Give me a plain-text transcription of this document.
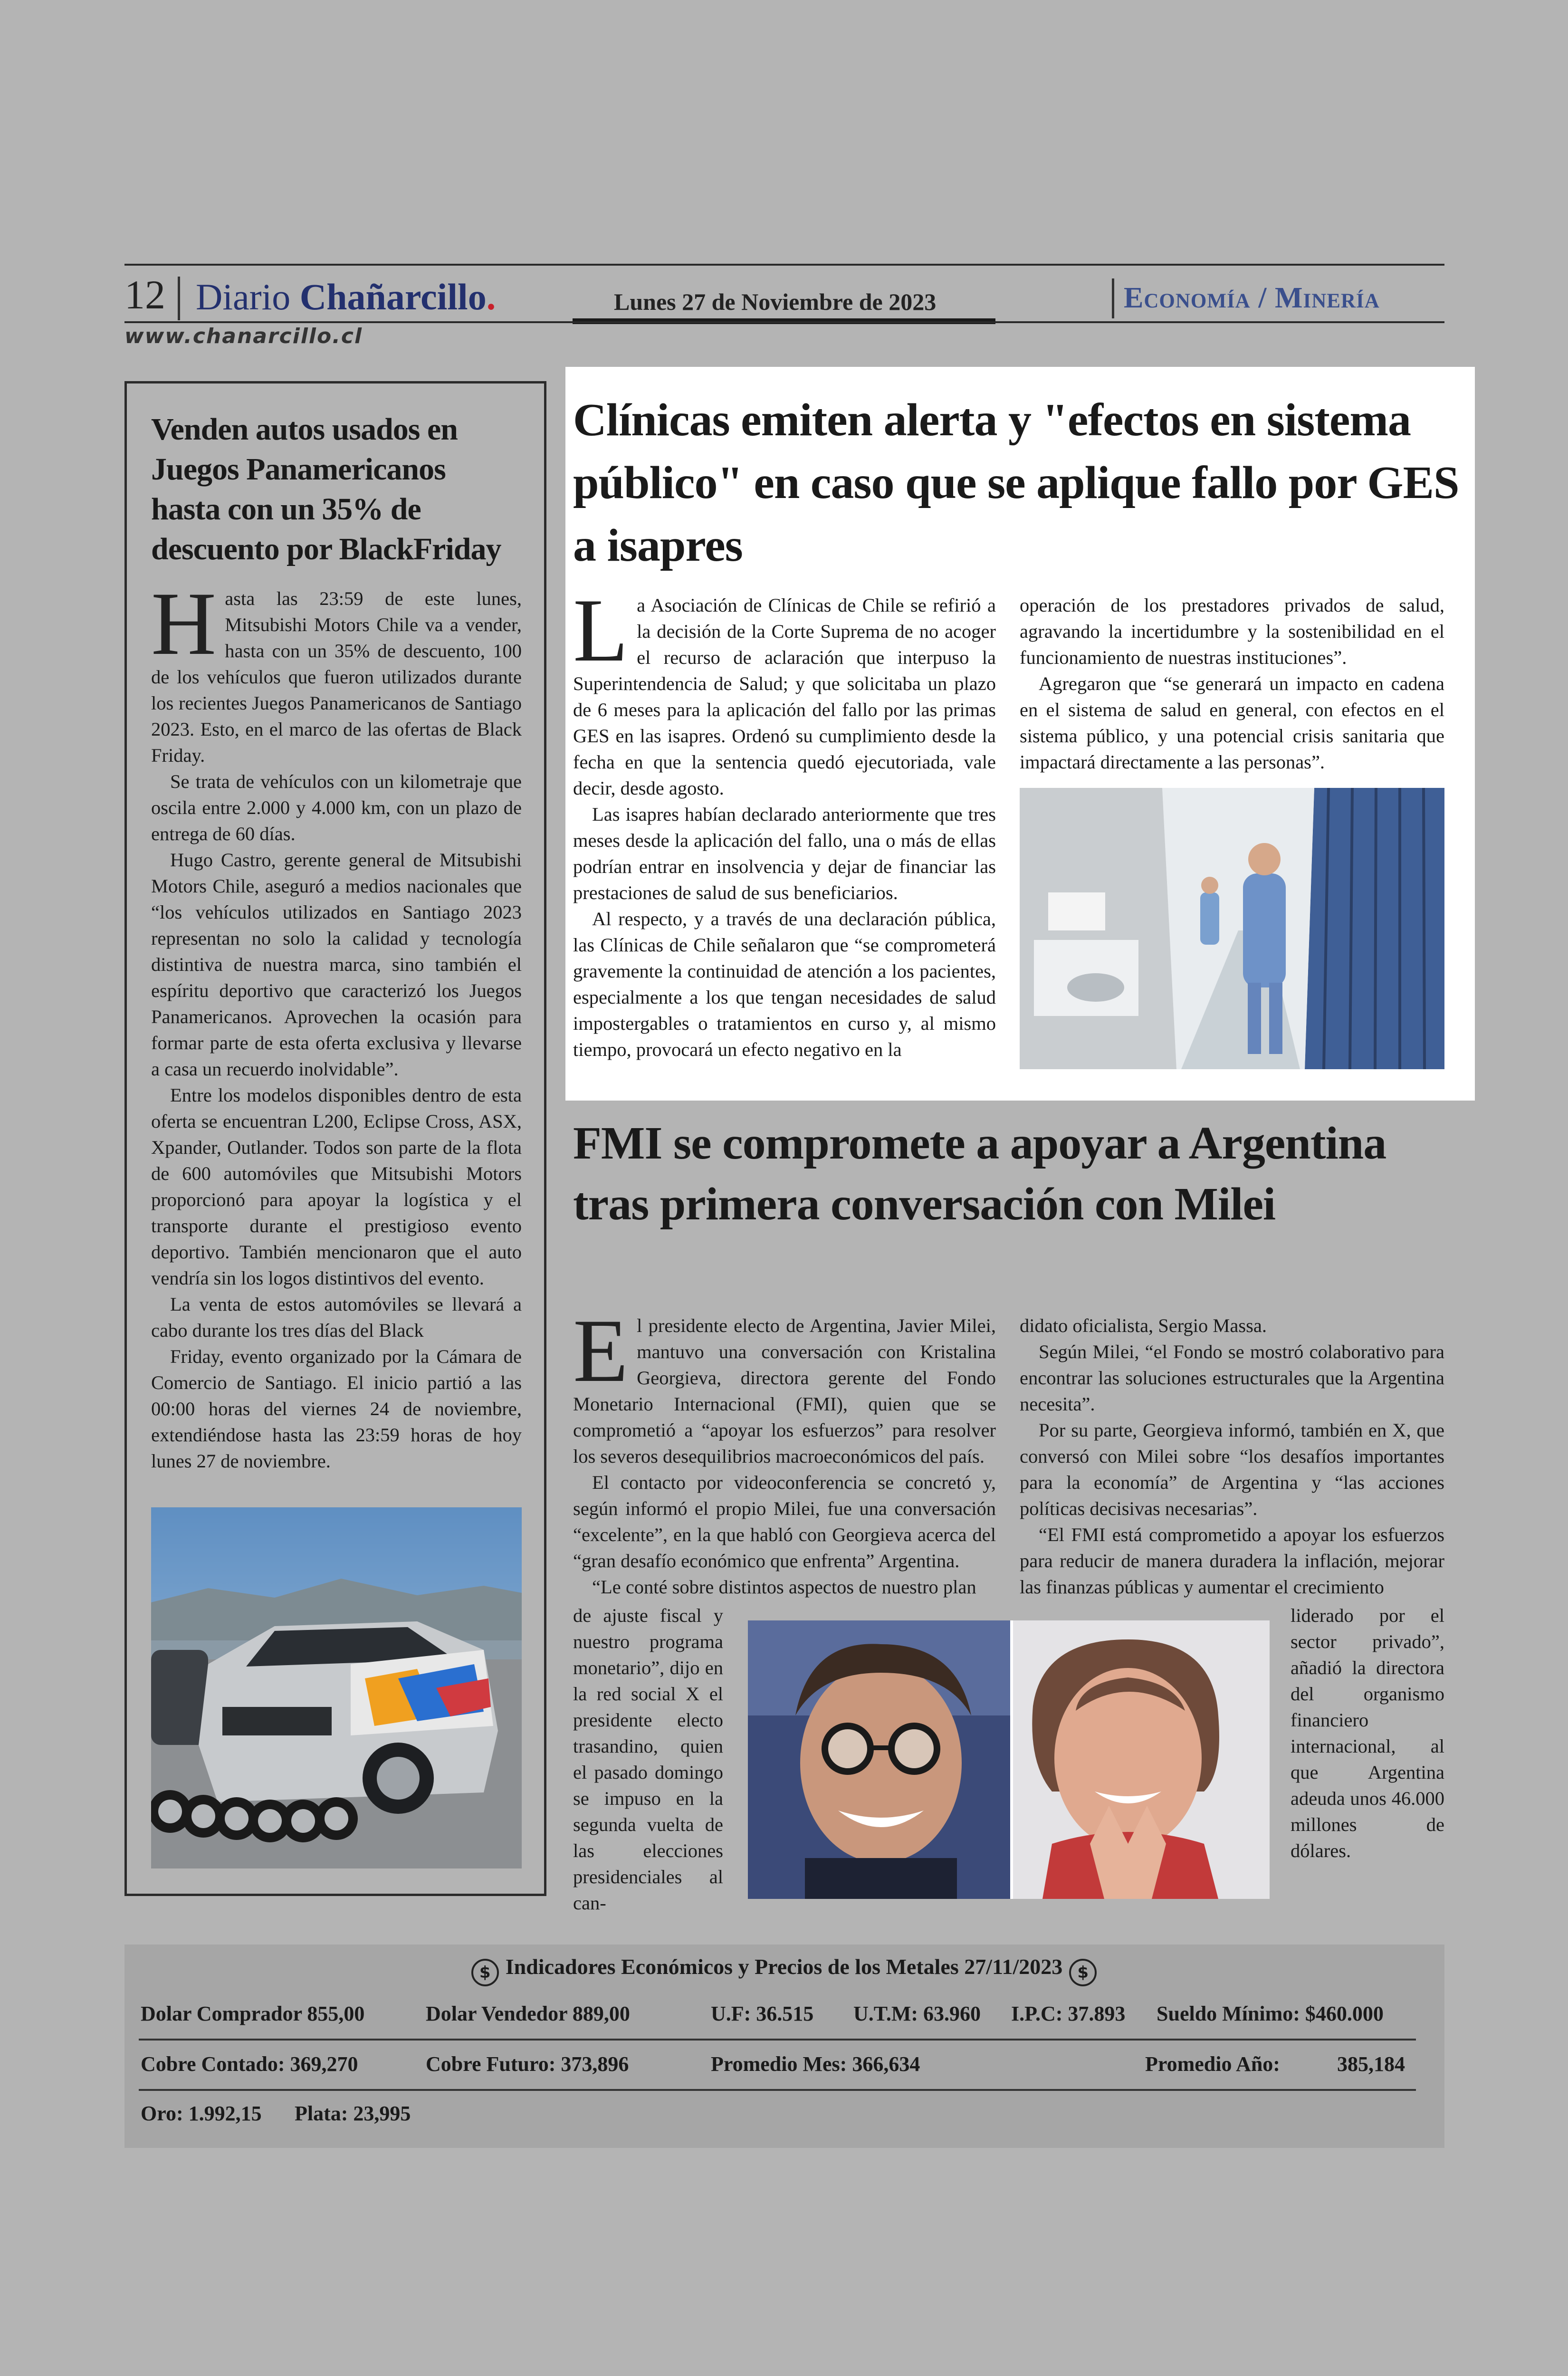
12 Diario Chañarcillo.	Lunes 27 de Noviembre de 2023	Economía / Minería
www.chanarcillo.cl
Venden autos usados en Juegos Panamericanos hasta con un 35% de descuento por BlackFriday

Hasta las 23:59 de este lunes, Mitsubishi Motors Chile va a vender, hasta con un 35% de descuento, 100 de los vehículos que fueron utilizados durante los recientes Juegos Panamericanos de Santiago 2023. Esto, en el marco de las ofertas de Black Friday.

Se trata de vehículos con un kilometraje que oscila entre 2.000 y 4.000 km, con un plazo de entrega de 60 días.

Hugo Castro, gerente general de Mitsubishi Motors Chile, aseguró a medios nacionales que “los vehículos utilizados en Santiago 2023 representan no solo la calidad y tecnología distintiva de nuestra marca, sino también el espíritu deportivo que caracterizó los Juegos Panamericanos. Aprovechen la ocasión para formar parte de esta oferta exclusiva y llevarse a casa un recuerdo inolvidable”.

Entre los modelos disponibles dentro de esta oferta se encuentran L200, Eclipse Cross, ASX, Xpander, Outlander. Todos son parte de la flota de 600 automóviles que Mitsubishi Motors proporcionó para apoyar la logística y el transporte durante el prestigioso evento deportivo. También mencionaron que el auto vendría sin los logos distintivos del evento.

La venta de estos automóviles se llevará a cabo durante los tres días del Black

Friday, evento organizado por la Cámara de Comercio de Santiago. El inicio partió a las 00:00 horas del viernes 24 de noviembre, extendiéndose hasta las 23:59 horas de hoy lunes 27 de noviembre.

Clínicas emiten alerta y "efectos en sistema público" en caso que se aplique fallo por GES a isapres

La Asociación de Clínicas de Chile se refirió a la decisión de la Corte Suprema de no acoger el recurso de aclaración que interpuso la Superintendencia de Salud; y que solicitaba un plazo de 6 meses para la aplicación del fallo por las primas GES en las isapres. Ordenó su cumplimiento desde la fecha en que la sentencia quedó ejecutoriada, vale decir, desde agosto.

Las isapres habían declarado anteriormente que tres meses desde la aplicación del fallo, una o más de ellas podrían entrar en insolvencia y dejar de financiar las prestaciones de salud de sus beneficiarios.

Al respecto, y a través de una declaración pública, las Clínicas de Chile señalaron que “se comprometerá gravemente la continuidad de atención a los pacientes, especialmente a los que tengan necesidades de salud impostergables o tratamientos en curso y, al mismo tiempo, provocará un efecto negativo en la

operación de los prestadores privados de salud, agravando la incertidumbre y la sostenibilidad en el funcionamiento de nuestras instituciones”.

Agregaron que “se generará un impacto en cadena en el sistema de salud en general, con efectos en el sistema público, y una potencial crisis sanitaria que impactará directamente a las personas”.

FMI se compromete a apoyar a Argentina tras primera conversación con Milei

El presidente electo de Argentina, Javier Milei, mantuvo una conversación con Kristalina Georgieva, directora gerente del Fondo Monetario Internacional (FMI), quien que se comprometió a “apoyar los esfuerzos” para resolver los severos desequilibrios macroeconómicos del país.

El contacto por videoconferencia se concretó y, según informó el propio Milei, fue una conversación “excelente”, en la que habló con Georgieva acerca del “gran desafío económico que enfrenta” Argentina.

“Le conté sobre distintos aspectos de nuestro plan

de ajuste fiscal y nuestro programa monetario”, dijo en la red social X el presidente electo trasandino, quien el pasado domingo se impuso en la segunda vuelta de las elecciones presidenciales al can-

didato oficialista, Sergio Massa.

Según Milei, “el Fondo se mostró colaborativo para encontrar las soluciones estructurales que la Argentina necesita”.

Por su parte, Georgieva informó, también en X, que conversó con Milei sobre “los desafíos importantes para la economía” de Argentina y “las acciones políticas decisivas necesarias”.

“El FMI está comprometido a apoyar los esfuerzos para reducir de manera duradera la inflación, mejorar las finanzas públicas y aumentar el crecimiento

liderado por el sector privado”, añadió la directora del organismo financiero internacional, al que Argentina adeuda unos 46.000 millones de dólares.

$ Indicadores Económicos y Precios de los Metales 27/11/2023 $
Dolar Comprador 855,00	Dolar Vendedor 889,00	U.F: 36.515 U.T.M: 63.960 I.P.C: 37.893 Sueldo Mínimo: $460.000
Cobre Contado: 369,270	Cobre Futuro: 373,896	Promedio Mes: 366,634	Promedio Año:	385,184
Oro: 1.992,15 Plata: 23,995
